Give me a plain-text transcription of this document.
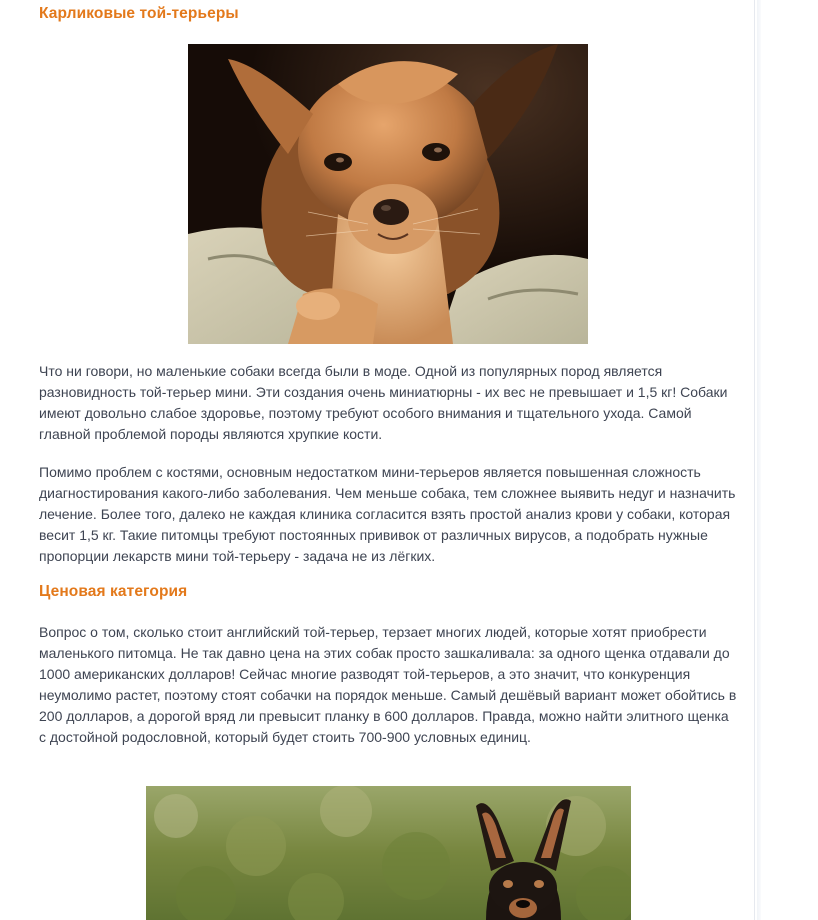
Карликовые той-терьеры

Что ни говори, но маленькие собаки всегда были в моде. Одной из популярных пород является разновидность той-терьер мини. Эти создания очень миниатюрны - их вес не превышает и 1,5 кг! Собаки имеют довольно слабое здоровье, поэтому требуют особого внимания и тщательного ухода. Самой главной проблемой породы являются хрупкие кости.

Помимо проблем с костями, основным недостатком мини-терьеров является повышенная сложность диагностирования какого-либо заболевания. Чем меньше собака, тем сложнее выявить недуг и назначить лечение. Более того, далеко не каждая клиника согласится взять простой анализ крови у собаки, которая весит 1,5 кг. Такие питомцы требуют постоянных прививок от различных вирусов, а подобрать нужные пропорции лекарств мини той-терьеру - задача не из лёгких.

Ценовая категория

Вопрос о том, сколько стоит английский той-терьер, терзает многих людей, которые хотят приобрести маленького питомца. Не так давно цена на этих собак просто зашкаливала: за одного щенка отдавали до 1000 американских долларов! Сейчас многие разводят той-терьеров, а это значит, что конкуренция неумолимо растет, поэтому стоят собачки на порядок меньше. Самый дешёвый вариант может обойтись в 200 долларов, а дорогой вряд ли превысит планку в 600 долларов. Правда, можно найти элитного щенка с достойной родословной, который будет стоить 700-900 условных единиц.
